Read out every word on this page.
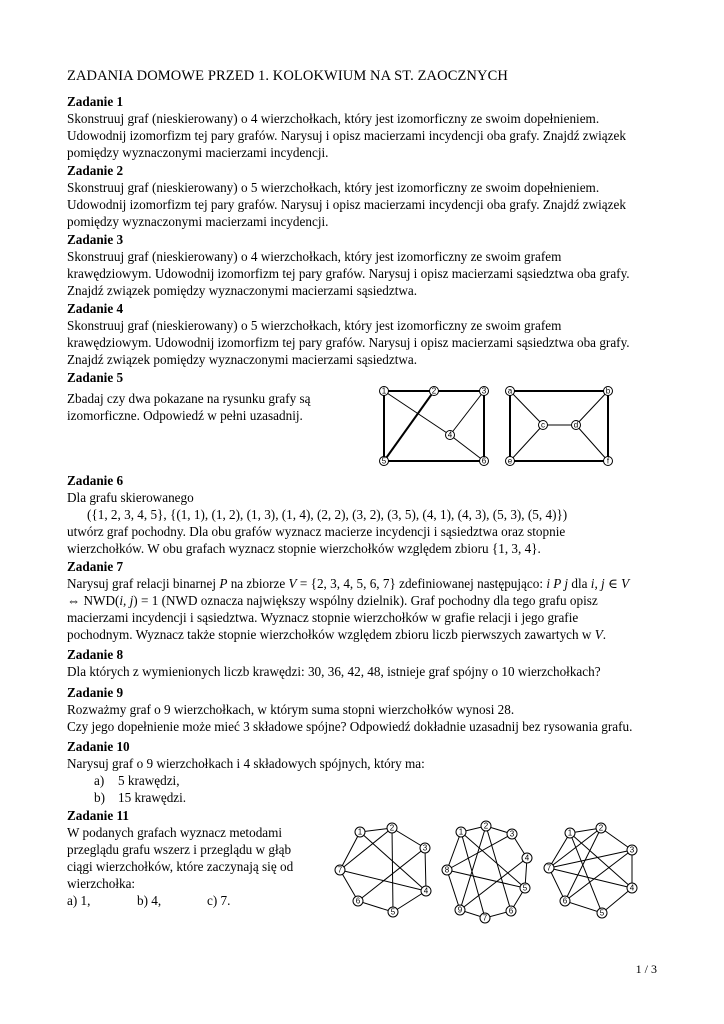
ZADANIA DOMOWE PRZED 1. KOLOKWIUM NA ST. ZAOCZNYCH
Zadanie 1

Skonstruuj graf (nieskierowany) o 4 wierzchołkach, który jest izomorficzny ze swoim dopełnieniem.

Udowodnij izomorfizm tej pary grafów. Narysuj i opisz macierzami incydencji oba grafy. Znajdź związek

pomiędzy wyznaczonymi macierzami incydencji.

Zadanie 2

Skonstruuj graf (nieskierowany) o 5 wierzchołkach, który jest izomorficzny ze swoim dopełnieniem.

Udowodnij izomorfizm tej pary grafów. Narysuj i opisz macierzami incydencji oba grafy. Znajdź związek

pomiędzy wyznaczonymi macierzami incydencji.

Zadanie 3

Skonstruuj graf (nieskierowany) o 4 wierzchołkach, który jest izomorficzny ze swoim grafem

krawędziowym. Udowodnij izomorfizm tej pary grafów. Narysuj i opisz macierzami sąsiedztwa oba grafy.

Znajdź związek pomiędzy wyznaczonymi macierzami sąsiedztwa.

Zadanie 4

Skonstruuj graf (nieskierowany) o 5 wierzchołkach, który jest izomorficzny ze swoim grafem

krawędziowym. Udowodnij izomorfizm tej pary grafów. Narysuj i opisz macierzami sąsiedztwa oba grafy.

Znajdź związek pomiędzy wyznaczonymi macierzami sąsiedztwa.

Zadanie 5

Zbadaj czy dwa pokazane na rysunku grafy są

izomorficzne. Odpowiedź w pełni uzasadnij.

1	2	3
4
5	6
a	b
c	d
e	f
Zadanie 6

Dla grafu skierowanego

({1, 2, 3, 4, 5}, {(1, 1), (1, 2), (1, 3), (1, 4), (2, 2), (3, 2), (3, 5), (4, 1), (4, 3), (5, 3), (5, 4)})

utwórz graf pochodny. Dla obu grafów wyznacz macierze incydencji i sąsiedztwa oraz stopnie

wierzchołków. W obu grafach wyznacz stopnie wierzchołków względem zbioru {1, 3, 4}.

Zadanie 7

Narysuj graf relacji binarnej P na zbiorze V = {2, 3, 4, 5, 6, 7} zdefiniowanej następująco: i P j dla i, j ∈ V

⇔ NWD(i, j) = 1 (NWD oznacza największy wspólny dzielnik). Graf pochodny dla tego grafu opisz

macierzami incydencji i sąsiedztwa. Wyznacz stopnie wierzchołków w grafie relacji i jego grafie

pochodnym. Wyznacz także stopnie wierzchołków względem zbioru liczb pierwszych zawartych w V.

Zadanie 8

Dla których z wymienionych liczb krawędzi: 30, 36, 42, 48, istnieje graf spójny o 10 wierzchołkach?

Zadanie 9

Rozważmy graf o 9 wierzchołkach, w którym suma stopni wierzchołków wynosi 28.

Czy jego dopełnienie może mieć 3 składowe spójne? Odpowiedź dokładnie uzasadnij bez rysowania grafu.

Zadanie 10

Narysuj graf o 9 wierzchołkach i 4 składowych spójnych, który ma:

a) 5 krawędzi,

b) 15 krawędzi.

Zadanie 11

W podanych grafach wyznacz metodami

przeglądu grafu wszerz i przeglądu w głąb

ciągi wierzchołków, które zaczynają się od

wierzchołka:

a) 1,	b) 4,	c) 7.

1	2
3
4
5
6
7
1
2
3
4
5
6
7
8
9
1
2
3
4
5
6
7
1 / 3
